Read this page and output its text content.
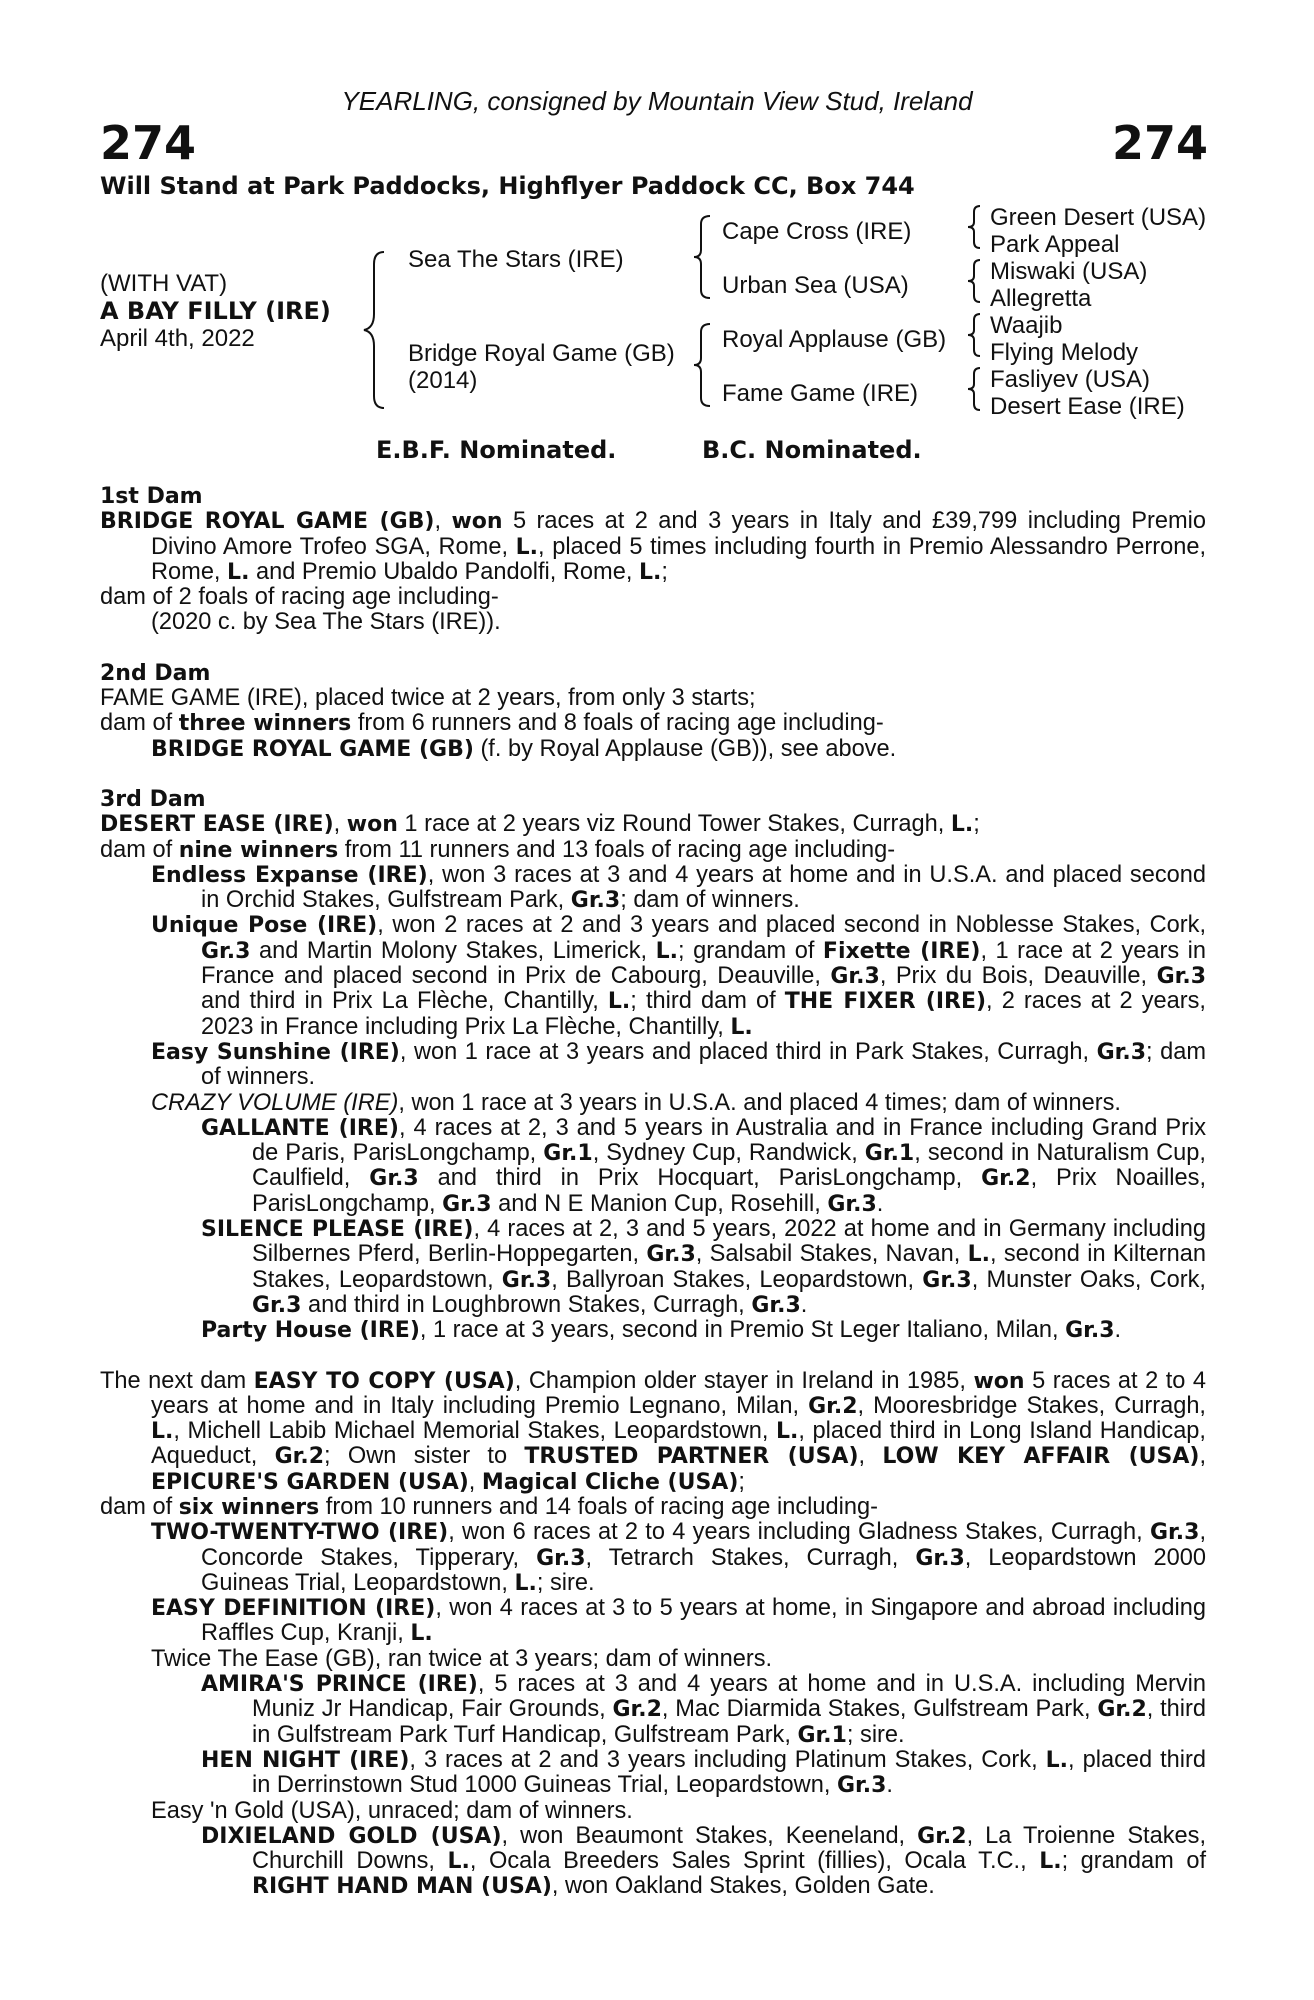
YEARLING, consigned by Mountain View Stud, Ireland
274	274
Will Stand at Park Paddocks, Highflyer Paddock CC, Box 744
(WITH VAT)
A BAY FILLY (IRE)
April 4th, 2022
Sea The Stars (IRE)
Bridge Royal Game (GB)
(2014)
Cape Cross (IRE)
Urban Sea (USA)
Royal Applause (GB)
Fame Game (IRE)
Green Desert (USA)
Park Appeal
Miswaki (USA)
Allegretta
Waajib
Flying Melody
Fasliyev (USA)
Desert Ease (IRE)
E.B.F. Nominated.	B.C. Nominated.

1st Dam

BRIDGE ROYAL GAME (GB), won 5 races at 2 and 3 years in Italy and £39,799 including Premio Divino Amore Trofeo SGA, Rome, L., placed 5 times including fourth in Premio Alessandro Perrone, Rome, L. and Premio Ubaldo Pandolfi, Rome, L.;

dam of 2 foals of racing age including-

(2020 c. by Sea The Stars (IRE)).

2nd Dam

FAME GAME (IRE), placed twice at 2 years, from only 3 starts;

dam of three winners from 6 runners and 8 foals of racing age including-

BRIDGE ROYAL GAME (GB) (f. by Royal Applause (GB)), see above.

3rd Dam

DESERT EASE (IRE), won 1 race at 2 years viz Round Tower Stakes, Curragh, L.;

dam of nine winners from 11 runners and 13 foals of racing age including-

Endless Expanse (IRE), won 3 races at 3 and 4 years at home and in U.S.A. and placed second in Orchid Stakes, Gulfstream Park, Gr.3; dam of winners.

Unique Pose (IRE), won 2 races at 2 and 3 years and placed second in Noblesse Stakes, Cork, Gr.3 and Martin Molony Stakes, Limerick, L.; grandam of Fixette (IRE), 1 race at 2 years in France and placed second in Prix de Cabourg, Deauville, Gr.3, Prix du Bois, Deauville, Gr.3 and third in Prix La Flèche, Chantilly, L.; third dam of THE FIXER (IRE), 2 races at 2 years, 2023 in France including Prix La Flèche, Chantilly, L.

Easy Sunshine (IRE), won 1 race at 3 years and placed third in Park Stakes, Curragh, Gr.3; dam of winners.

CRAZY VOLUME (IRE), won 1 race at 3 years in U.S.A. and placed 4 times; dam of winners.

GALLANTE (IRE), 4 races at 2, 3 and 5 years in Australia and in France including Grand Prix de Paris, ParisLongchamp, Gr.1, Sydney Cup, Randwick, Gr.1, second in Naturalism Cup, Caulfield, Gr.3 and third in Prix Hocquart, ParisLongchamp, Gr.2, Prix Noailles, ParisLongchamp, Gr.3 and N E Manion Cup, Rosehill, Gr.3.

SILENCE PLEASE (IRE), 4 races at 2, 3 and 5 years, 2022 at home and in Germany including Silbernes Pferd, Berlin-Hoppegarten, Gr.3, Salsabil Stakes, Navan, L., second in Kilternan Stakes, Leopardstown, Gr.3, Ballyroan Stakes, Leopardstown, Gr.3, Munster Oaks, Cork, Gr.3 and third in Loughbrown Stakes, Curragh, Gr.3.

Party House (IRE), 1 race at 3 years, second in Premio St Leger Italiano, Milan, Gr.3.

The next dam EASY TO COPY (USA), Champion older stayer in Ireland in 1985, won 5 races at 2 to 4 years at home and in Italy including Premio Legnano, Milan, Gr.2, Mooresbridge Stakes, Curragh, L., Michell Labib Michael Memorial Stakes, Leopardstown, L., placed third in Long Island Handicap, Aqueduct, Gr.2; Own sister to TRUSTED PARTNER (USA), LOW KEY AFFAIR (USA), EPICURE'S GARDEN (USA), Magical Cliche (USA);

dam of six winners from 10 runners and 14 foals of racing age including-

TWO-TWENTY-TWO (IRE), won 6 races at 2 to 4 years including Gladness Stakes, Curragh, Gr.3, Concorde Stakes, Tipperary, Gr.3, Tetrarch Stakes, Curragh, Gr.3, Leopardstown 2000 Guineas Trial, Leopardstown, L.; sire.

EASY DEFINITION (IRE), won 4 races at 3 to 5 years at home, in Singapore and abroad including Raffles Cup, Kranji, L.

Twice The Ease (GB), ran twice at 3 years; dam of winners.

AMIRA'S PRINCE (IRE), 5 races at 3 and 4 years at home and in U.S.A. including Mervin Muniz Jr Handicap, Fair Grounds, Gr.2, Mac Diarmida Stakes, Gulfstream Park, Gr.2, third in Gulfstream Park Turf Handicap, Gulfstream Park, Gr.1; sire.

HEN NIGHT (IRE), 3 races at 2 and 3 years including Platinum Stakes, Cork, L., placed third in Derrinstown Stud 1000 Guineas Trial, Leopardstown, Gr.3.

Easy 'n Gold (USA), unraced; dam of winners.

DIXIELAND GOLD (USA), won Beaumont Stakes, Keeneland, Gr.2, La Troienne Stakes, Churchill Downs, L., Ocala Breeders Sales Sprint (fillies), Ocala T.C., L.; grandam of RIGHT HAND MAN (USA), won Oakland Stakes, Golden Gate.
